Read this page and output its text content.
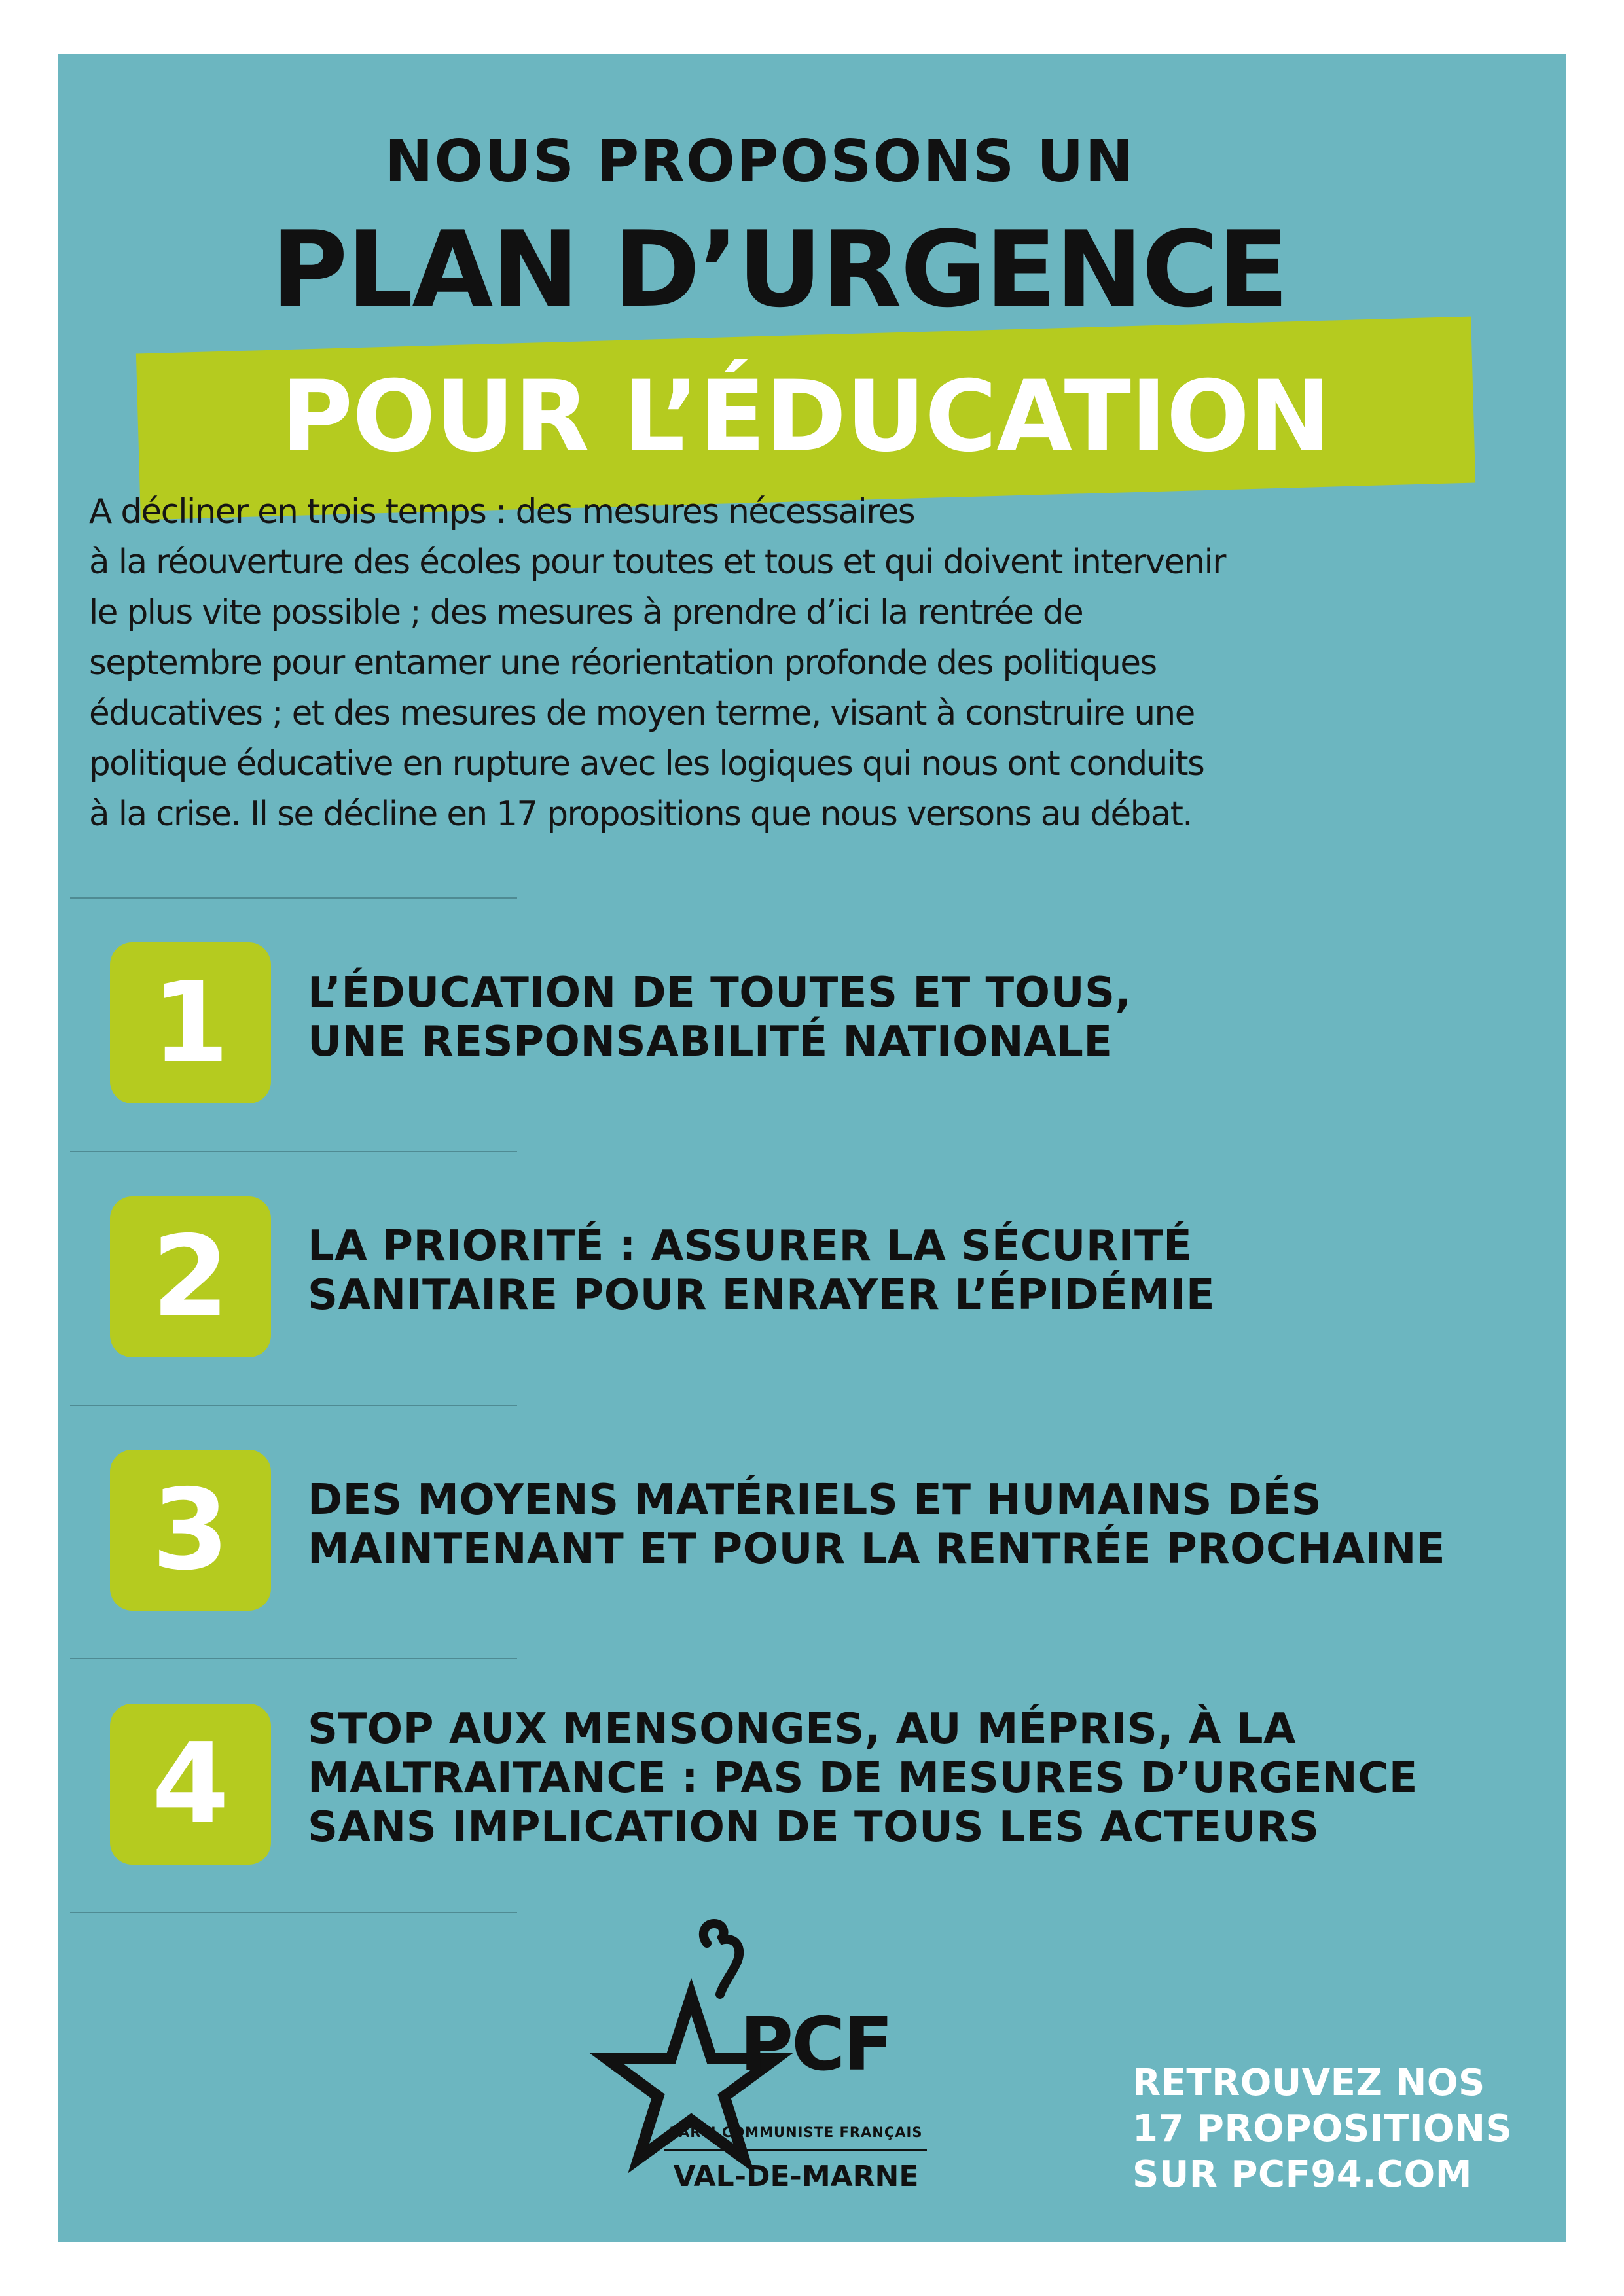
NOUS PROPOSONS UN
PLAN D’URGENCE
POUR L’ÉDUCATION
A décliner en trois temps : des mesures nécessaires
à la réouverture des écoles pour toutes et tous et qui doivent intervenir
le plus vite possible ; des mesures à prendre d’ici la rentrée de
septembre pour entamer une réorientation profonde des politiques
éducatives ; et des mesures de moyen terme, visant à construire une
politique éducative en rupture avec les logiques qui nous ont conduits
à la crise. Il se décline en 17 propositions que nous versons au débat.
1	L’ÉDUCATION DE TOUTES ET TOUS,
UNE RESPONSABILITÉ NATIONALE
2	LA PRIORITÉ : ASSURER LA SÉCURITÉ
SANITAIRE POUR ENRAYER L’ÉPIDÉMIE
3	DES MOYENS MATÉRIELS ET HUMAINS DÉS
MAINTENANT ET POUR LA RENTRÉE PROCHAINE
4	STOP AUX MENSONGES, AU MÉPRIS, À LA
MALTRAITANCE : PAS DE MESURES D’URGENCE
SANS IMPLICATION DE TOUS LES ACTEURS
PCF
PARTI COMMUNISTE FRANÇAIS
VAL-DE-MARNE
RETROUVEZ NOS
17 PROPOSITIONS
SUR PCF94.COM
